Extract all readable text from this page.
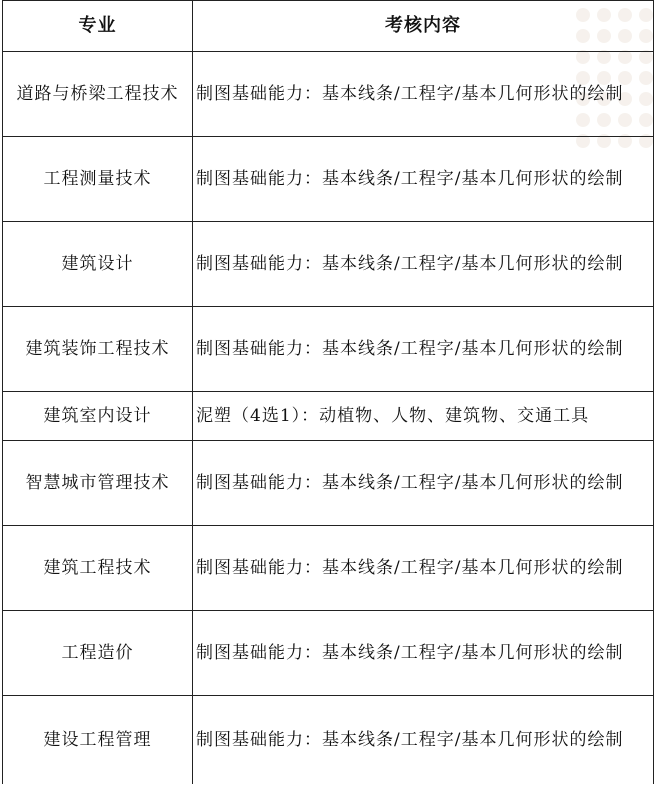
专业	考核内容
道路与桥梁工程技术	制图基础能力：基本线条/工程字/基本几何形状的绘制
工程测量技术	制图基础能力：基本线条/工程字/基本几何形状的绘制
建筑设计	制图基础能力：基本线条/工程字/基本几何形状的绘制
建筑装饰工程技术	制图基础能力：基本线条/工程字/基本几何形状的绘制
建筑室内设计	泥塑（4选1）：动植物、人物、建筑物、交通工具
智慧城市管理技术	制图基础能力：基本线条/工程字/基本几何形状的绘制
建筑工程技术	制图基础能力：基本线条/工程字/基本几何形状的绘制
工程造价	制图基础能力：基本线条/工程字/基本几何形状的绘制
建设工程管理	制图基础能力：基本线条/工程字/基本几何形状的绘制
